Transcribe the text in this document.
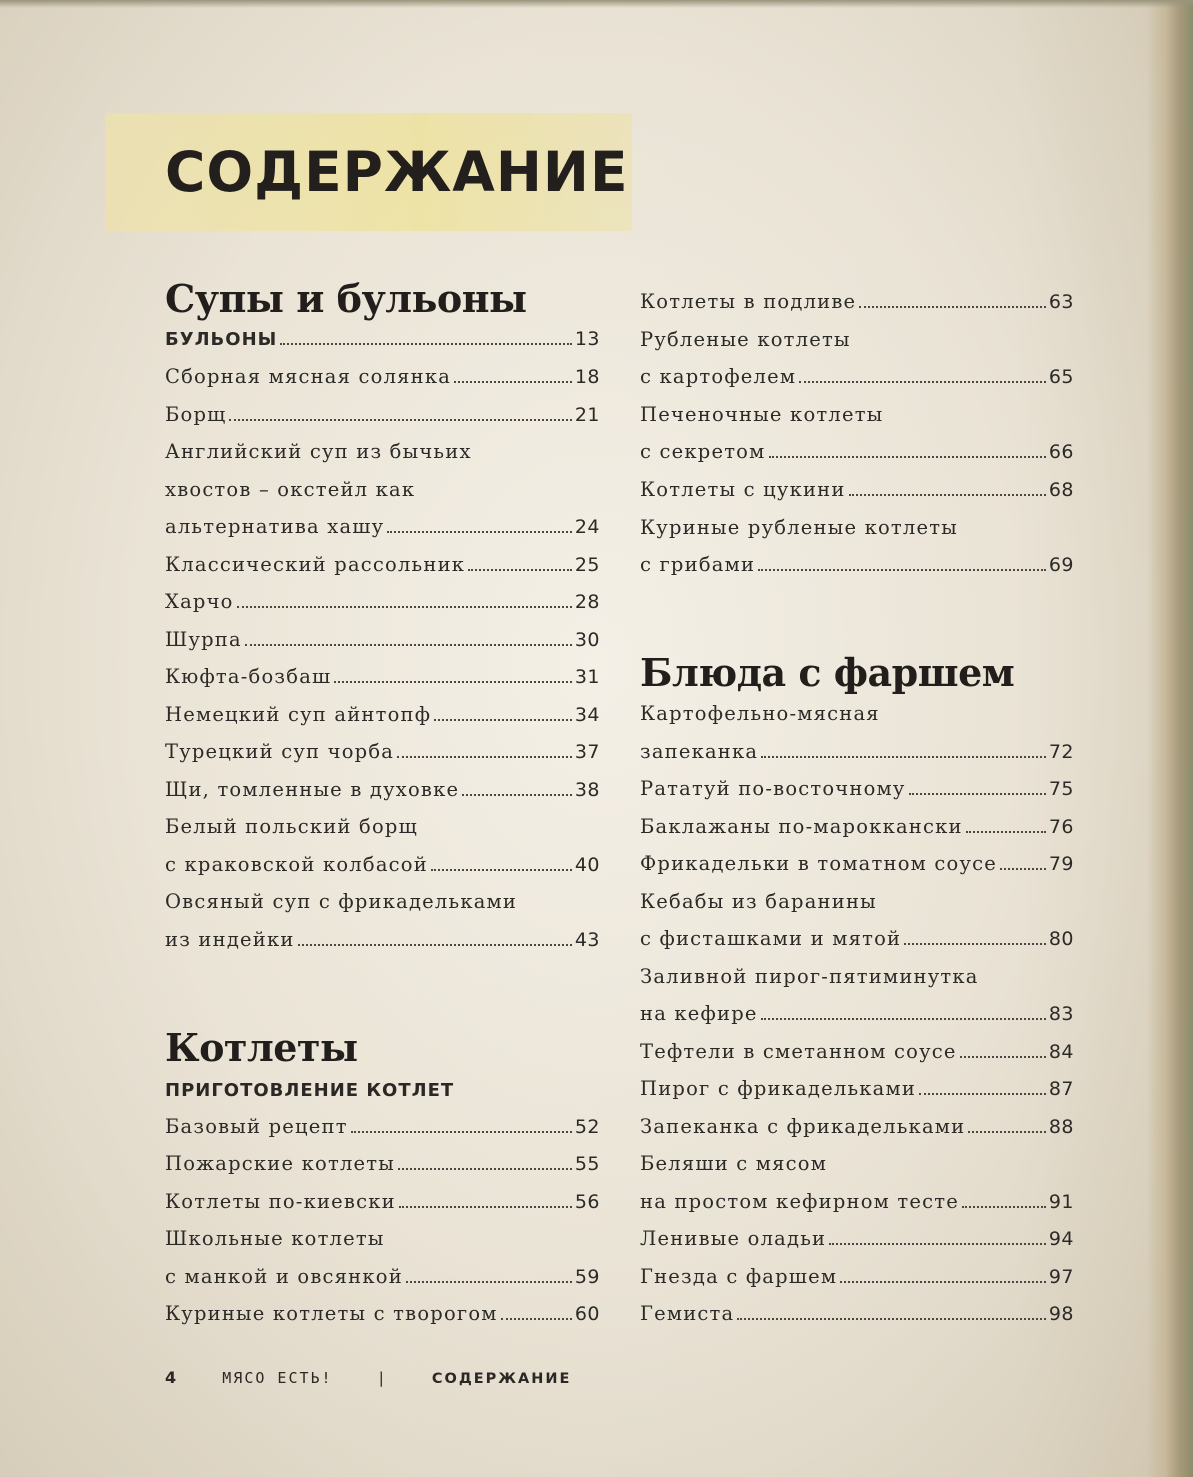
СОДЕРЖАНИЕ
Супы и бульоны
БУЛЬОНЫ	13
Сборная мясная солянка	18
Борщ	21
Английский суп из бычьих
хвостов – окстейл как
альтернатива хашу	24
Классический рассольник	25
Харчо	28
Шурпа	30
Кюфта-бозбаш	31
Немецкий суп айнтопф	34
Турецкий суп чорба	37
Щи, томленные в духовке	38
Белый польский борщ
с краковской колбасой	40
Овсяный суп с фрикадельками
из индейки	43
Котлеты
ПРИГОТОВЛЕНИЕ КОТЛЕТ
Базовый рецепт	52
Пожарские котлеты	55
Котлеты по-киевски	56
Школьные котлеты
с манкой и овсянкой	59
Куриные котлеты с творогом	60
Котлеты в подливе	63
Рубленые котлеты
с картофелем	65
Печеночные котлеты
с секретом	66
Котлеты с цукини	68
Куриные рубленые котлеты
с грибами	69
Блюда с фаршем
Картофельно-мясная
запеканка	72
Рататуй по-восточному	75
Баклажаны по-мароккански	76
Фрикадельки в томатном соусе	79
Кебабы из баранины
с фисташками и мятой	80
Заливной пирог-пятиминутка
на кефире	83
Тефтели в сметанном соусе	84
Пирог с фрикадельками	87
Запеканка с фрикадельками	88
Беляши с мясом
на простом кефирном тесте	91
Ленивые оладьи	94
Гнезда с фаршем	97
Гемиста	98
4	МЯСО ЕСТЬ!	|	СОДЕРЖАНИЕ
